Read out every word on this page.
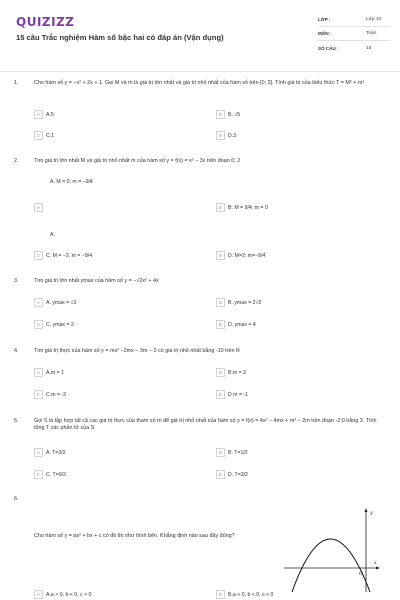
QUIZIZZ
15 câu Trắc nghiệm Hàm số bậc hai có đáp án (Vận dụng)
LỚP :	Lớp 10
MÔN :	Toán
SỐ CÂU :	15
1.	Cho hàm số y = −x² + 2x + 1. Gọi M và m là giá trị lớn nhất và giá trị nhỏ nhất của hàm số trên [0; 2]. Tính giá trị của biểu thức T = M² + m².
A	A.5	B	B. √5
C	C.1	D	D.3
2.	Tìm giá trị lớn nhất M và giá trị nhỏ nhất m của hàm số y = f(x) = x² − 3x trên đoạn 0; 2
A. M = 0; m = −9/4
A	B	B. M = 9/4; m = 0
A.
C	C. M = −2, m = −9/4	D	D. M=2; m=−9/4
3.	Tìm giá trị lớn nhất ymax của hàm số y = −√2x² + 4x
A	A. ymax = √2	B	B. ymax = 2√2
C	C. ymax = 2	D	D. ymax = 4
4.	Tìm giá trị thực của hàm số y = mx² −2mx − 3m − 2 có giá trị nhỏ nhất bằng -10 trên R
A	A.m = 1	B	B.m = 2
C	C.m = -2	D	D.m = -1
5.	Gọi S là tập hợp tất cả các giá trị thực của tham số m để giá trị nhỏ nhất của hàm số y = f(x) = 4x² − 4mx + m² − 2m trên đoạn -2;0 bằng 3. Tính tổng T các phần tử của S
A	A. T=3/2	B	B. T=1/2
C	C. T=9/2	D	D. T=3/2
6.
Cho hàm số y = ax² + bx + c có đồ thị như hình bên. Khẳng định nào sau đây đúng?
A	A.a > 0, b < 0, c > 0	B	B.a < 0, b < 0, c < 0
y
x
O
